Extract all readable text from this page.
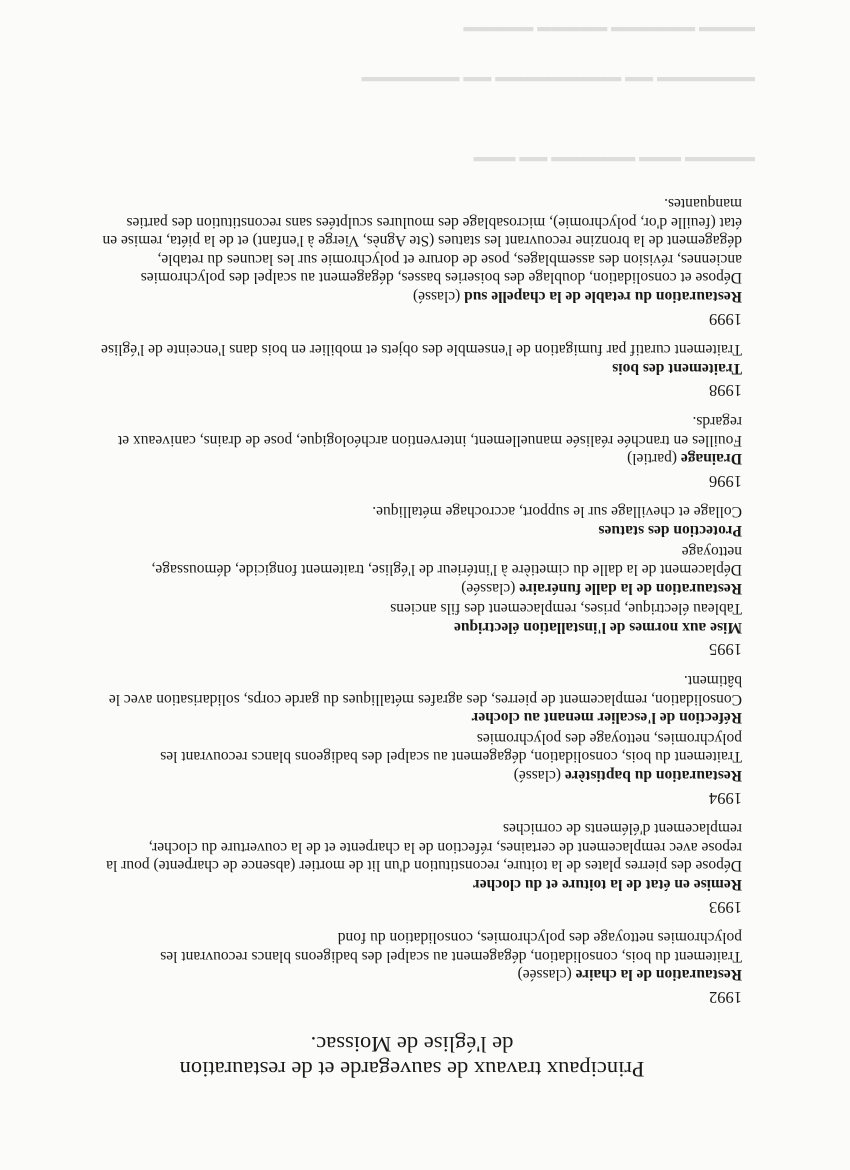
▬▬▬▬▬ ▬▬▬ ▬▬▬▬▬▬ ▬▬ ▬▬▬
▬▬▬▬▬▬▬ ▬▬ ▬▬▬▬▬▬▬▬▬ ▬▬ ▬▬▬▬▬▬▬
▬▬▬▬ ▬▬▬▬▬▬ ▬▬▬▬▬ ▬▬▬▬▬
Principaux travaux de sauvegarde et de restauration
de l'église de Moissac.
1992
Restauration de la chaire (classée)

Traitement du bois, consolidation, dégagement au scalpel des badigeons blancs recouvrant les polychromies nettoyage des polychromies, consolidation du fond

1993
Remise en état de la toiture et du clocher

Dépose des pierres plates de la toiture, reconstitution d'un lit de mortier (absence de charpente) pour la repose avec remplacement de certaines, réfection de la charpente et de la couverture du clocher, remplacement d'éléments de corniches

1994
Restauration du baptistère (classé)

Traitement du bois, consolidation, dégagement au scalpel des badigeons blancs recouvrant les polychromies, nettoyage des polychromies

Réfection de l'escalier menant au clocher

Consolidation, remplacement de pierres, des agrafes métalliques du garde corps, solidarisation avec le bâtiment.

1995
Mise aux normes de l'installation électrique

Tableau électrique, prises, remplacement des fils anciens

Restauration de la dalle funéraire (classée)

Déplacement de la dalle du cimetière à l'intérieur de l'église, traitement fongicide, démoussage, nettoyage

Protection des statues

Collage et chevillage sur le support, accrochage métallique.

1996
Drainage (partiel)

Fouilles en tranchée réalisée manuellement, intervention archéologique, pose de drains, caniveaux et regards.

1998
Traitement des bois

Traitement curatif par fumigation de l'ensemble des objets et mobilier en bois dans l'enceinte de l'église

1999
Restauration du retable de la chapelle sud (classé)

Dépose et consolidation, doublage des boiseries basses, dégagement au scalpel des polychromies anciennes, révision des assemblages, pose de dorure et polychromie sur les lacunes du retable, dégagement de la bronzine recouvrant les statues (Ste Agnès, Vierge à l'enfant) et de la piéta, remise en état (feuille d'or, polychromie), microsablage des moulures sculptées sans reconstitution des parties manquantes.
